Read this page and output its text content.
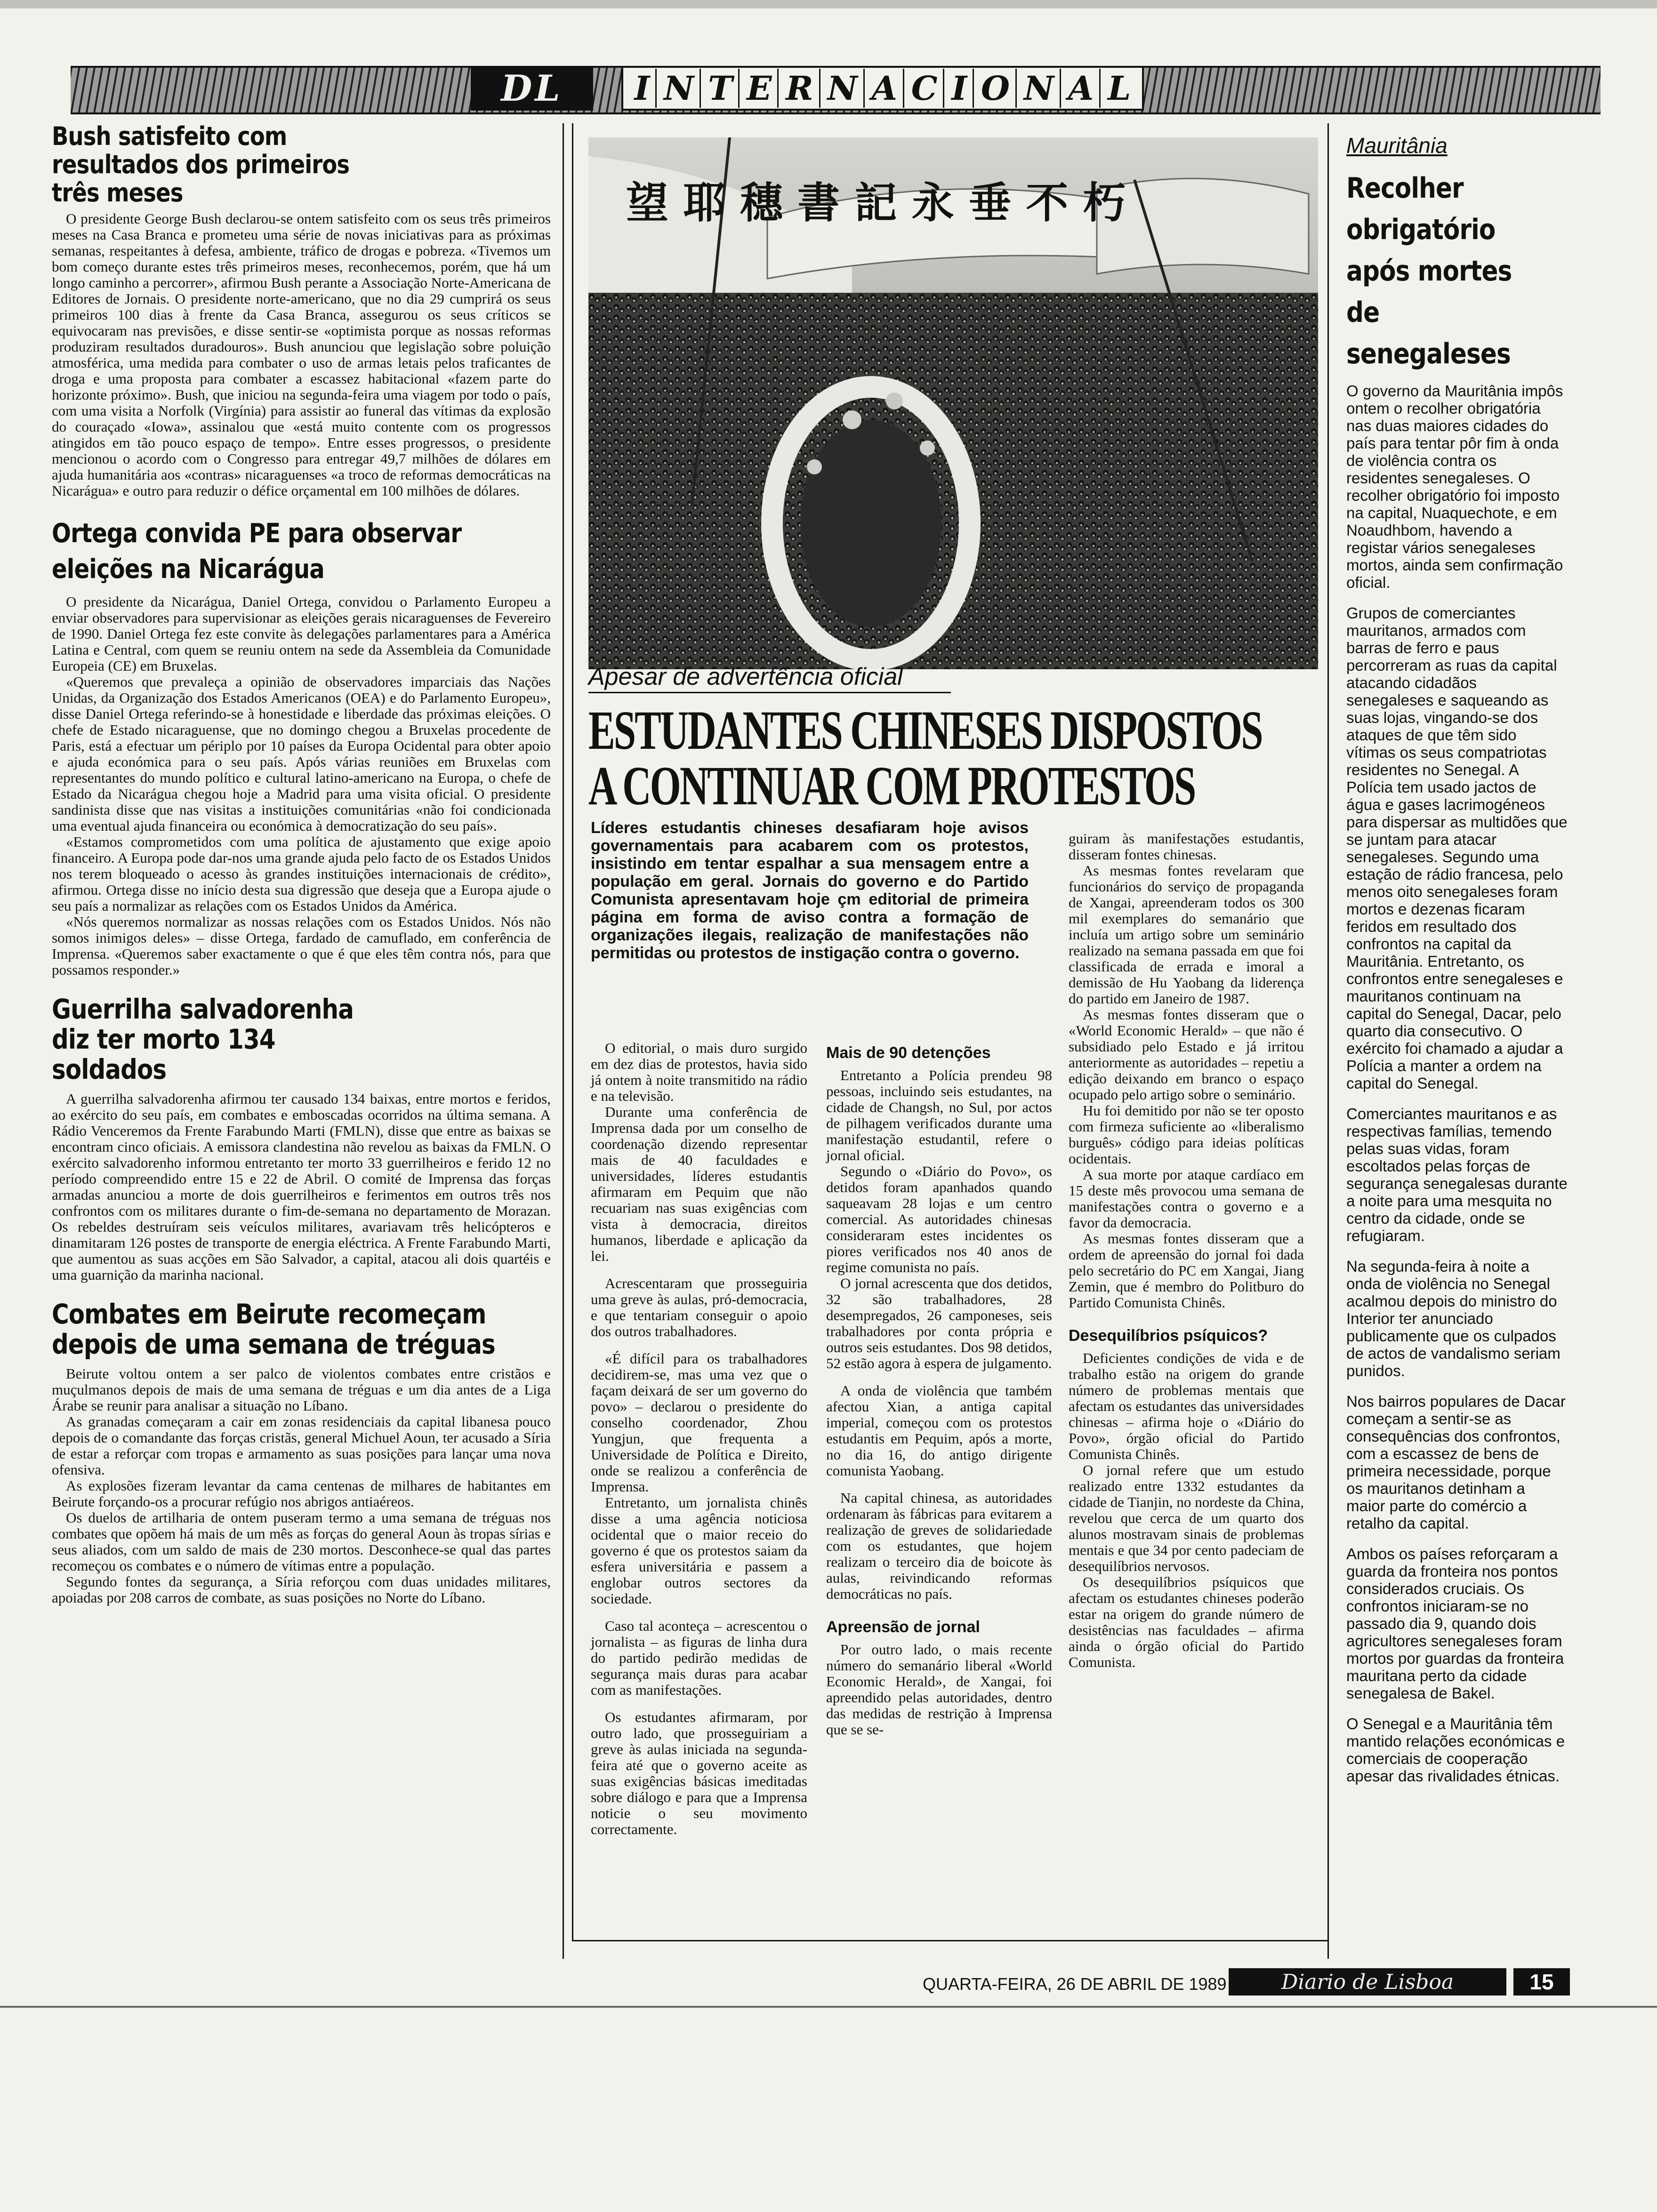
DL	I N T E R N A C I O N A L
Bush satisfeito com resultados dos primeiros três meses

O presidente George Bush declarou-se ontem satisfeito com os seus três primeiros meses na Casa Branca e prometeu uma série de novas iniciativas para as próximas semanas, respeitantes à defesa, ambiente, tráfico de drogas e pobreza. «Tivemos um bom começo durante estes três primeiros meses, reconhecemos, porém, que há um longo caminho a percorrer», afirmou Bush perante a Associação Norte-Americana de Editores de Jornais. O presidente norte-americano, que no dia 29 cumprirá os seus primeiros 100 dias à frente da Casa Branca, assegurou os seus críticos se equivocaram nas previsões, e disse sentir-se «optimista porque as nossas reformas produziram resultados duradouros». Bush anunciou que legislação sobre poluição atmosférica, uma medida para combater o uso de armas letais pelos traficantes de droga e uma proposta para combater a escassez habitacional «fazem parte do horizonte próximo». Bush, que iniciou na segunda-feira uma viagem por todo o país, com uma visita a Norfolk (Virgínia) para assistir ao funeral das vítimas da explosão do couraçado «Iowa», assinalou que «está muito contente com os progressos atingidos em tão pouco espaço de tempo». Entre esses progressos, o presidente mencionou o acordo com o Congresso para entregar 49,7 milhões de dólares em ajuda humanitária aos «contras» nicaraguenses «a troco de reformas democráticas na Nicarágua» e outro para reduzir o défice orçamental em 100 milhões de dólares.

Ortega convida PE para observar eleições na Nicarágua

O presidente da Nicarágua, Daniel Ortega, convidou o Parlamento Europeu a enviar observadores para supervisionar as eleições gerais nicaraguenses de Fevereiro de 1990. Daniel Ortega fez este convite às delegações parlamentares para a América Latina e Central, com quem se reuniu ontem na sede da Assembleia da Comunidade Europeia (CE) em Bruxelas.

«Queremos que prevaleça a opinião de observadores imparciais das Nações Unidas, da Organização dos Estados Americanos (OEA) e do Parlamento Europeu», disse Daniel Ortega referindo-se à honestidade e liberdade das próximas eleições. O chefe de Estado nicaraguense, que no domingo chegou a Bruxelas procedente de Paris, está a efectuar um périplo por 10 países da Europa Ocidental para obter apoio e ajuda económica para o seu país. Após várias reuniões em Bruxelas com representantes do mundo político e cultural latino-americano na Europa, o chefe de Estado da Nicarágua chegou hoje a Madrid para uma visita oficial. O presidente sandinista disse que nas visitas a instituições comunitárias «não foi condicionada uma eventual ajuda financeira ou económica à democratização do seu país».

«Estamos comprometidos com uma política de ajustamento que exige apoio financeiro. A Europa pode dar-nos uma grande ajuda pelo facto de os Estados Unidos nos terem bloqueado o acesso às grandes instituições internacionais de crédito», afirmou. Ortega disse no início desta sua digressão que deseja que a Europa ajude o seu país a normalizar as relações com os Estados Unidos da América.

«Nós queremos normalizar as nossas relações com os Estados Unidos. Nós não somos inimigos deles» – disse Ortega, fardado de camuflado, em conferência de Imprensa. «Queremos saber exactamente o que é que eles têm contra nós, para que possamos responder.»

Guerrilha salvadorenha diz ter morto 134 soldados

A guerrilha salvadorenha afirmou ter causado 134 baixas, entre mortos e feridos, ao exército do seu país, em combates e emboscadas ocorridos na última semana. A Rádio Venceremos da Frente Farabundo Marti (FMLN), disse que entre as baixas se encontram cinco oficiais. A emissora clandestina não revelou as baixas da FMLN. O exército salvadorenho informou entretanto ter morto 33 guerrilheiros e ferido 12 no período compreendido entre 15 e 22 de Abril. O comité de Imprensa das forças armadas anunciou a morte de dois guerrilheiros e ferimentos em outros três nos confrontos com os militares durante o fim-de-semana no departamento de Morazan. Os rebeldes destruíram seis veículos militares, avariavam três helicópteros e dinamitaram 126 postes de transporte de energia eléctrica. A Frente Farabundo Marti, que aumentou as suas acções em São Salvador, a capital, atacou ali dois quartéis e uma guarnição da marinha nacional.

Combates em Beirute recomeçam depois de uma semana de tréguas

Beirute voltou ontem a ser palco de violentos combates entre cristãos e muçulmanos depois de mais de uma semana de tréguas e um dia antes de a Liga Árabe se reunir para analisar a situação no Líbano.

As granadas começaram a cair em zonas residenciais da capital libanesa pouco depois de o comandante das forças cristãs, general Michuel Aoun, ter acusado a Síria de estar a reforçar com tropas e armamento as suas posições para lançar uma nova ofensiva.

As explosões fizeram levantar da cama centenas de milhares de habitantes em Beirute forçando-os a procurar refúgio nos abrigos antiaéreos.

Os duelos de artilharia de ontem puseram termo a uma semana de tréguas nos combates que opõem há mais de um mês as forças do general Aoun às tropas sírias e seus aliados, com um saldo de mais de 230 mortos. Desconhece-se qual das partes recomeçou os combates e o número de vítimas entre a população.

Segundo fontes da segurança, a Síria reforçou com duas unidades militares, apoiadas por 208 carros de combate, as suas posições no Norte do Líbano.

望 耶 穗 書 記 永 垂 不 朽
Apesar de advertência oficial
ESTUDANTES CHINESES DISPOSTOS
A CONTINUAR COM PROTESTOS
Líderes estudantis chineses desafiaram hoje avisos governamentais para acabarem com os protestos, insistindo em tentar espalhar a sua mensagem entre a população em geral. Jornais do governo e do Partido Comunista apresentavam hoje çm editorial de primeira página em forma de aviso contra a formação de organizações ilegais, realização de manifestações não permitidas ou protestos de instigação contra o governo.

O editorial, o mais duro surgido em dez dias de protestos, havia sido já ontem à noite transmitido na rádio e na televisão.

Durante uma conferência de Imprensa dada por um conselho de coordenação dizendo representar mais de 40 faculdades e universidades, líderes estudantis afirmaram em Pequim que não recuariam nas suas exigências com vista à democracia, direitos humanos, liberdade e aplicação da lei.

Acrescentaram que prosseguiria uma greve às aulas, pró-democracia, e que tentariam conseguir o apoio dos outros trabalhadores.

«É difícil para os trabalhadores decidirem-se, mas uma vez que o façam deixará de ser um governo do povo» – declarou o presidente do conselho coordenador, Zhou Yungjun, que frequenta a Universidade de Política e Direito, onde se realizou a conferência de Imprensa.

Entretanto, um jornalista chinês disse a uma agência noticiosa ocidental que o maior receio do governo é que os protestos saiam da esfera universitária e passem a englobar outros sectores da sociedade.

Caso tal aconteça – acrescentou o jornalista – as figuras de linha dura do partido pedirão medidas de segurança mais duras para acabar com as manifestações.

Os estudantes afirmaram, por outro lado, que prosseguiriam a greve às aulas iniciada na segunda-feira até que o governo aceite as suas exigências básicas imeditadas sobre diálogo e para que a Imprensa noticie o seu movimento correctamente.

Mais de 90 detenções

Entretanto a Polícia prendeu 98 pessoas, incluindo seis estudantes, na cidade de Changsh, no Sul, por actos de pilhagem verificados durante uma manifestação estudantil, refere o jornal oficial.

Segundo o «Diário do Povo», os detidos foram apanhados quando saqueavam 28 lojas e um centro comercial. As autoridades chinesas consideraram estes incidentes os piores verificados nos 40 anos de regime comunista no país.

O jornal acrescenta que dos detidos, 32 são trabalhadores, 28 desempregados, 26 camponeses, seis trabalhadores por conta própria e outros seis estudantes. Dos 98 detidos, 52 estão agora à espera de julgamento.

A onda de violência que também afectou Xian, a antiga capital imperial, começou com os protestos estudantis em Pequim, após a morte, no dia 16, do antigo dirigente comunista Yaobang.

Na capital chinesa, as autoridades ordenaram às fábricas para evitarem a realização de greves de solidariedade com os estudantes, que hojem realizam o terceiro dia de boicote às aulas, reivindicando reformas democráticas no país.

Apreensão de jornal

Por outro lado, o mais recente número do semanário liberal «World Economic Herald», de Xangai, foi apreendido pelas autoridades, dentro das medidas de restrição à Imprensa que se se-

guiram às manifestações estudantis, disseram fontes chinesas.

As mesmas fontes revelaram que funcionários do serviço de propaganda de Xangai, apreenderam todos os 300 mil exemplares do semanário que incluía um artigo sobre um seminário realizado na semana passada em que foi classificada de errada e imoral a demissão de Hu Yaobang da liderença do partido em Janeiro de 1987.

As mesmas fontes disseram que o «World Economic Herald» – que não é subsidiado pelo Estado e já irritou anteriormente as autoridades – repetiu a edição deixando em branco o espaço ocupado pelo artigo sobre o seminário.

Hu foi demitido por não se ter oposto com firmeza suficiente ao «liberalismo burguês» código para ideias políticas ocidentais.

A sua morte por ataque cardíaco em 15 deste mês provocou uma semana de manifestações contra o governo e a favor da democracia.

As mesmas fontes disseram que a ordem de apreensão do jornal foi dada pelo secretário do PC em Xangai, Jiang Zemin, que é membro do Politburo do Partido Comunista Chinês.

Desequilíbrios psíquicos?

Deficientes condições de vida e de trabalho estão na origem do grande número de problemas mentais que afectam os estudantes das universidades chinesas – afirma hoje o «Diário do Povo», órgão oficial do Partido Comunista Chinês.

O jornal refere que um estudo realizado entre 1332 estudantes da cidade de Tianjin, no nordeste da China, revelou que cerca de um quarto dos alunos mostravam sinais de problemas mentais e que 34 por cento padeciam de desequilíbrios nervosos.

Os desequilíbrios psíquicos que afectam os estudantes chineses poderão estar na origem do grande número de desistências nas faculdades – afirma ainda o órgão oficial do Partido Comunista.

Mauritânia
Recolher obrigatório após mortes de senegaleses

O governo da Mauritânia impôs ontem o recolher obrigatória nas duas maiores cidades do país para tentar pôr fim à onda de violência contra os residentes senegaleses. O recolher obrigatório foi imposto na capital, Nuaquechote, e em Noaudhbom, havendo a registar vários senegaleses mortos, ainda sem confirmação oficial.

Grupos de comerciantes mauritanos, armados com barras de ferro e paus percorreram as ruas da capital atacando cidadãos senegaleses e saqueando as suas lojas, vingando-se dos ataques de que têm sido vítimas os seus compatriotas residentes no Senegal. A Polícia tem usado jactos de água e gases lacrimogéneos para dispersar as multidões que se juntam para atacar senegaleses. Segundo uma estação de rádio francesa, pelo menos oito senegaleses foram mortos e dezenas ficaram feridos em resultado dos confrontos na capital da Mauritânia. Entretanto, os confrontos entre senegaleses e mauritanos continuam na capital do Senegal, Dacar, pelo quarto dia consecutivo. O exército foi chamado a ajudar a Polícia a manter a ordem na capital do Senegal.

Comerciantes mauritanos e as respectivas famílias, temendo pelas suas vidas, foram escoltados pelas forças de segurança senegalesas durante a noite para uma mesquita no centro da cidade, onde se refugiaram.

Na segunda-feira à noite a onda de violência no Senegal acalmou depois do ministro do Interior ter anunciado publicamente que os culpados de actos de vandalismo seriam punidos.

Nos bairros populares de Dacar começam a sentir-se as consequências dos confrontos, com a escassez de bens de primeira necessidade, porque os mauritanos detinham a maior parte do comércio a retalho da capital.

Ambos os países reforçaram a guarda da fronteira nos pontos considerados cruciais. Os confrontos iniciaram-se no passado dia 9, quando dois agricultores senegaleses foram mortos por guardas da fronteira mauritana perto da cidade senegalesa de Bakel.

O Senegal e a Mauritânia têm mantido relações económicas e comerciais de cooperação apesar das rivalidades étnicas.

QUARTA-FEIRA, 26 DE ABRIL DE 1989	Diario de Lisboa	15
